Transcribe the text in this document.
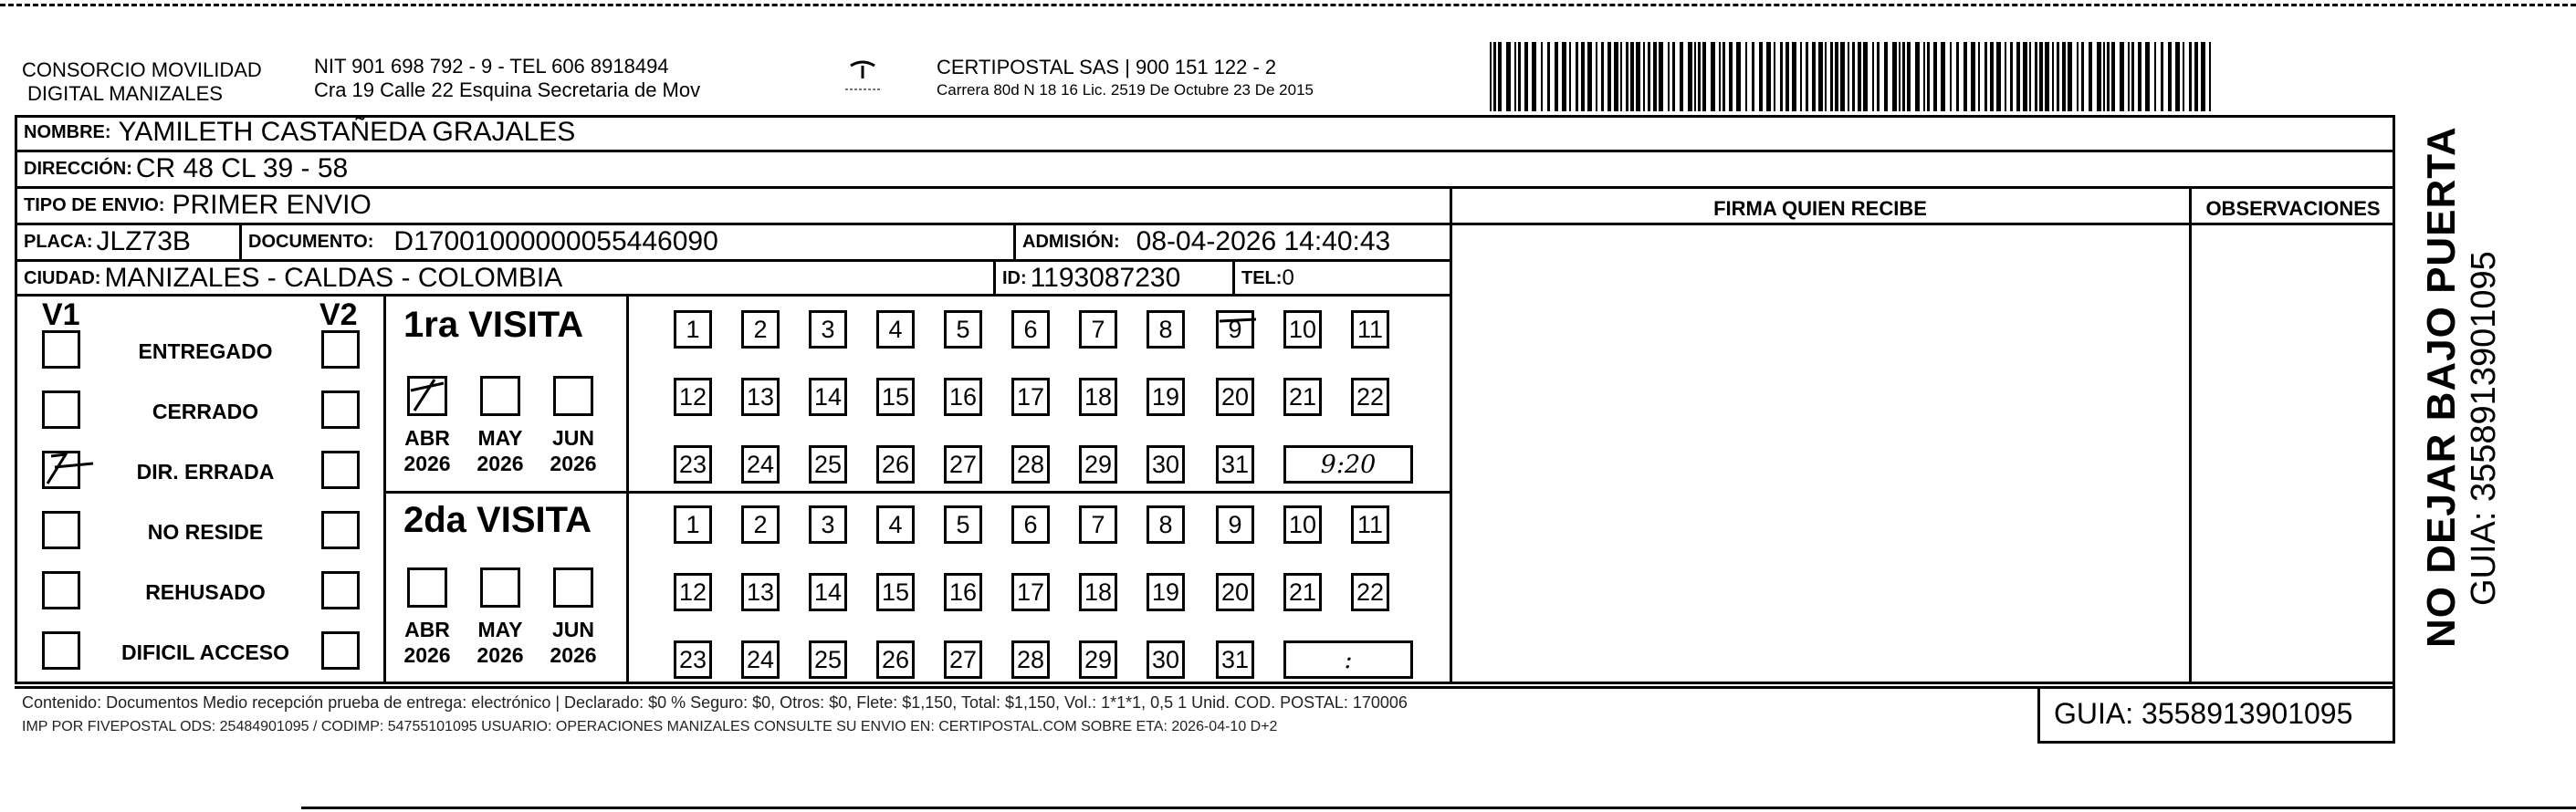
CONSORCIO MOVILIDAD
DIGITAL MANIZALES
NIT 901 698 792 - 9 - TEL 606 8918494
Cra 19 Calle 22 Esquina Secretaria de Mov
CERTIPOSTAL SAS | 900 151 122 - 2
Carrera 80d N 18 16 Lic. 2519 De Octubre 23 De 2015
NOMBRE: YAMILETH CASTAÑEDA GRAJALES
DIRECCIÓN: CR 48 CL 39 - 58
TIPO DE ENVIO: PRIMER ENVIO
PLACA: JLZ73B	DOCUMENTO: D17001000000055446090	ADMISIÓN: 08-04-2026 14:40:43
CIUDAD: MANIZALES - CALDAS - COLOMBIA	ID: 1193087230	TEL: 0
FIRMA QUIEN RECIBE	OBSERVACIONES
V1	V2
ENTREGADO
CERRADO
DIR. ERRADA
NO RESIDE
REHUSADO
DIFICIL ACCESO
1ra VISITA
ABR
2026
MAY
2026
JUN
2026
1	2	3	4	5	6	7	8	9	10 11
12 13 14 15 16 17 18 19 20 21 22
23 24 25 26 27 28 29 30 31	9:20
2da VISITA
ABR
2026
MAY
2026
JUN
2026
1	2	3	4	5	6	7	8	9	10 11
12 13 14 15 16 17 18 19 20 21 22
23 24 25 26 27 28 29 30 31	:
Contenido: Documentos Medio recepción prueba de entrega: electrónico | Declarado: $0 % Seguro: $0, Otros: $0, Flete: $1,150, Total: $1,150, Vol.: 1*1*1, 0,5 1 Unid. COD. POSTAL: 170006
IMP POR FIVEPOSTAL ODS: 25484901095 / CODIMP: 54755101095 USUARIO: OPERACIONES MANIZALES CONSULTE SU ENVIO EN: CERTIPOSTAL.COM SOBRE ETA: 2026-04-10 D+2	GUIA: 3558913901095
NO DEJAR BAJO PUERTA GUIA: 3558913901095
